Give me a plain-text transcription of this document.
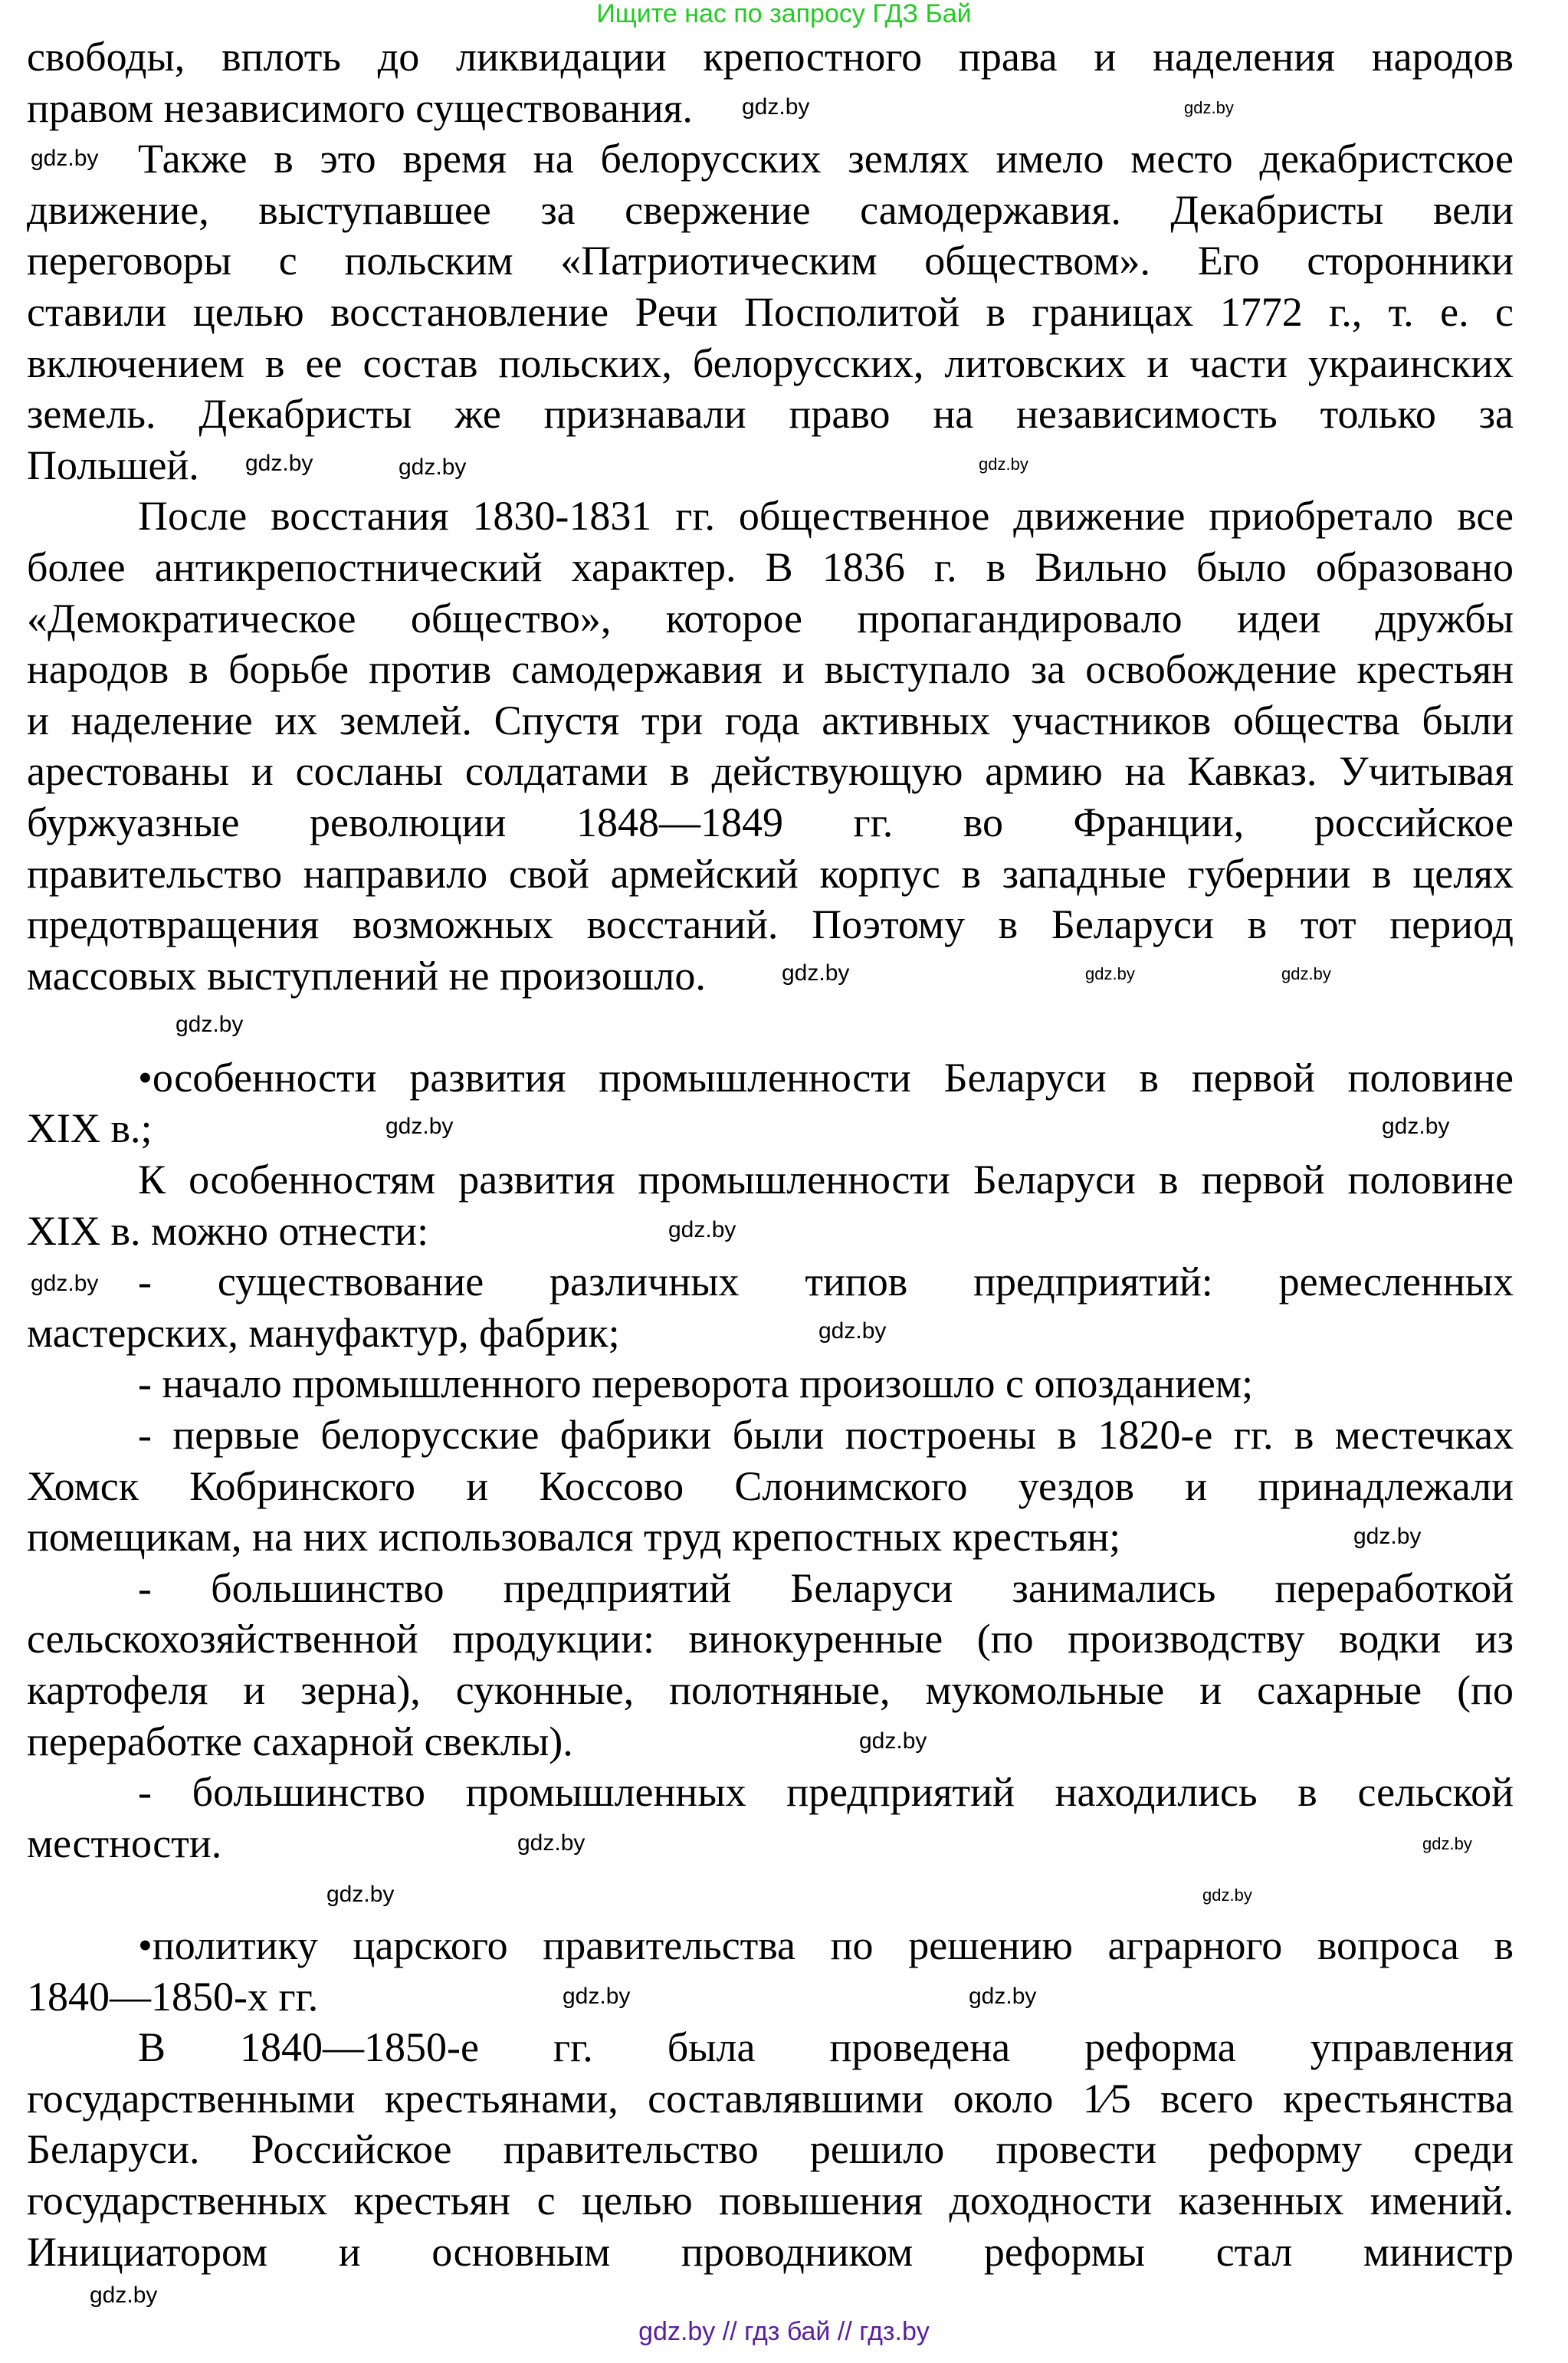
Ищите нас по запросу ГДЗ Бай
свободы, вплоть до ликвидации крепостного права и наделения народов
правом независимого существования.
Также в это время на белорусских землях имело место декабристское
движение, выступавшее за свержение самодержавия. Декабристы вели
переговоры с польским «Патриотическим обществом». Его сторонники
ставили целью восстановление Речи Посполитой в границах 1772 г., т. е. с
включением в ее состав польских, белорусских, литовских и части украинских
земель. Декабристы же признавали право на независимость только за
Польшей.
После восстания 1830-1831 гг. общественное движение приобретало все
более антикрепостнический характер. В 1836 г. в Вильно было образовано
«Демократическое общество», которое пропагандировало идеи дружбы
народов в борьбе против самодержавия и выступало за освобождение крестьян
и наделение их землей. Спустя три года активных участников общества были
арестованы и сосланы солдатами в действующую армию на Кавказ. Учитывая
буржуазные революции 1848—1849 гг. во Франции, российское
правительство направило свой армейский корпус в западные губернии в целях
предотвращения возможных восстаний. Поэтому в Беларуси в тот период
массовых выступлений не произошло.
•особенности развития промышленности Беларуси в первой половине
XIX в.;
К особенностям развития промышленности Беларуси в первой половине
XIX в. можно отнести:
- существование различных типов предприятий: ремесленных
мастерских, мануфактур, фабрик;
- начало промышленного переворота произошло с опозданием;
- первые белорусские фабрики были построены в 1820-е гг. в местечках
Хомск Кобринского и Коссово Слонимского уездов и принадлежали
помещикам, на них использовался труд крепостных крестьян;
- большинство предприятий Беларуси занимались переработкой
сельскохозяйственной продукции: винокуренные (по производству водки из
картофеля и зерна), суконные, полотняные, мукомольные и сахарные (по
переработке сахарной свеклы).
- большинство промышленных предприятий находились в сельской
местности.
•политику царского правительства по решению аграрного вопроса в
1840—1850-х гг.
В 1840—1850-е гг. была проведена реформа управления
государственными крестьянами, составлявшими около 1⁄5 всего крестьянства
Беларуси. Российское правительство решило провести реформу среди
государственных крестьян с целью повышения доходности казенных имений.
Инициатором и основным проводником реформы стал министр
gdz.by
gdz.by
gdz.by
gdz.by
gdz.by	gdz.by
gdz.by
gdz.by
gdz.by
gdz.by
gdz.by
gdz.by
gdz.by
gdz.by
gdz.by
gdz.by
gdz.by
gdz.by
gdz.by
gdz.by
gdz.by
gdz.by
gdz.by
gdz.by
gdz.by // гдз бай // гдз.by
